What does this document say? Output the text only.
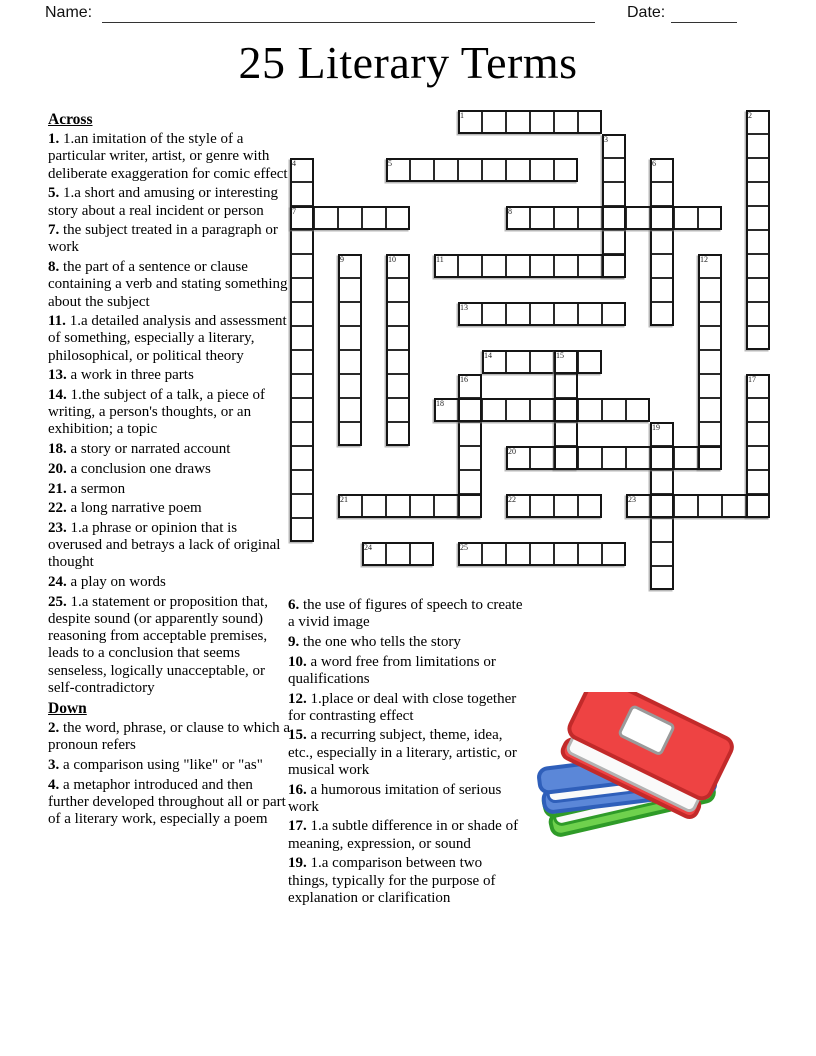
Name:	Date:
25 Literary Terms
1	2
3
4	5	6
7	8
9	10	11	12
13
14	15
16	17
18
19
20
21	22	23
24	25

Across

1. 1.an imitation of the style of a particular writer, artist, or genre with deliberate exaggeration for comic effect

5. 1.a short and amusing or interesting story about a real incident or person

7. the subject treated in a paragraph or work

8. the part of a sentence or clause containing a verb and stating something about the subject

11. 1.a detailed analysis and assessment of something, especially a literary, philosophical, or political theory

13. a work in three parts

14. 1.the subject of a talk, a piece of writing, a person's thoughts, or an exhibition; a topic

18. a story or narrated account

20. a conclusion one draws

21. a sermon

22. a long narrative poem

23. 1.a phrase or opinion that is overused and betrays a lack of original thought

24. a play on words

25. 1.a statement or proposition that, despite sound (or apparently sound) reasoning from acceptable premises, leads to a conclusion that seems senseless, logically unacceptable, or self-contradictory

Down

2. the word, phrase, or clause to which a pronoun refers

3. a comparison using "like" or "as"

4. a metaphor introduced and then further developed throughout all or part of a literary work, especially a poem

6. the use of figures of speech to create a vivid image

9. the one who tells the story

10. a word free from limitations or qualifications

12. 1.place or deal with close together for contrasting effect

15. a recurring subject, theme, idea, etc., especially in a literary, artistic, or musical work

16. a humorous imitation of serious work

17. 1.a subtle difference in or shade of meaning, expression, or sound

19. 1.a comparison between two things, typically for the purpose of explanation or clarification
